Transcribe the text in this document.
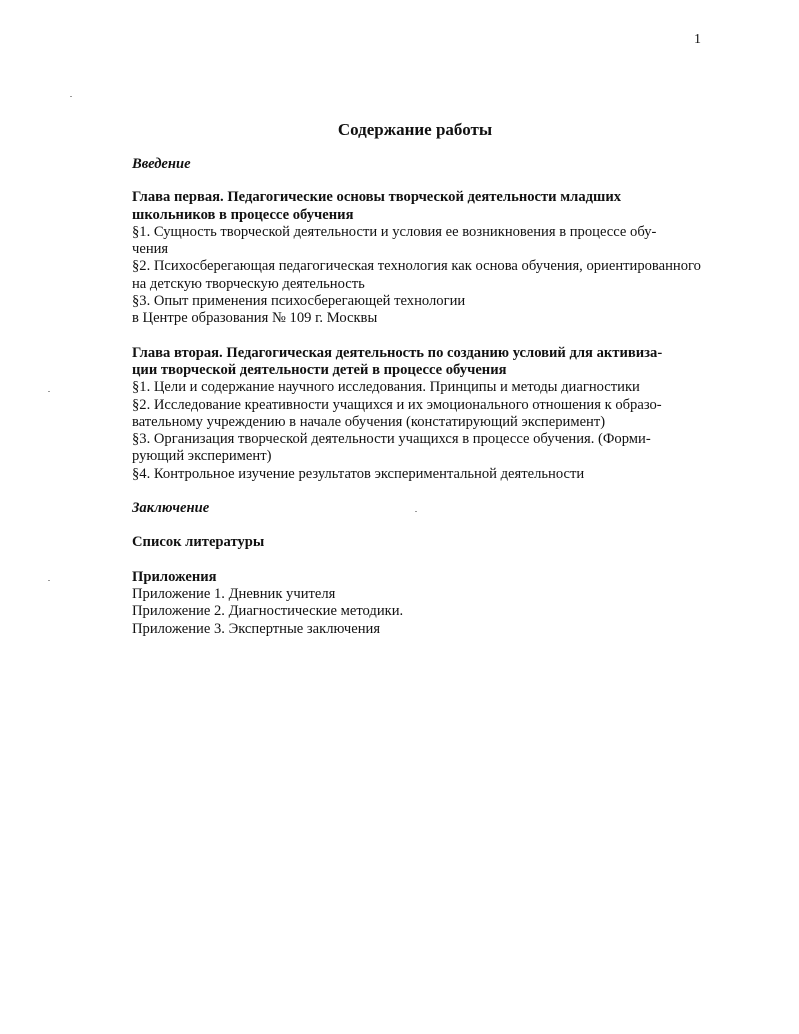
1
Содержание работы

Введение

Глава первая. Педагогические основы творческой деятельности младших

школьников в процессе обучения

§1. Сущность творческой деятельности и условия ее возникновения в процессе обу-

чения

§2. Психосберегающая педагогическая технология как основа обучения, ориентированного

на детскую творческую деятельность

§3. Опыт применения психосберегающей технологии

в Центре образования № 109 г. Москвы

Глава вторая. Педагогическая деятельность по созданию условий для активиза-

ции творческой деятельности детей в процессе обучения

§1. Цели и содержание научного исследования. Принципы и методы диагностики

§2. Исследование креативности учащихся и их эмоционального отношения к образо-

вательному учреждению в начале обучения (констатирующий эксперимент)

§3. Организация творческой деятельности учащихся в процессе обучения. (Форми-

рующий эксперимент)

§4. Контрольное изучение результатов экспериментальной деятельности

Заключение

Список литературы

Приложения

Приложение 1. Дневник учителя

Приложение 2. Диагностические методики.

Приложение 3. Экспертные заключения
